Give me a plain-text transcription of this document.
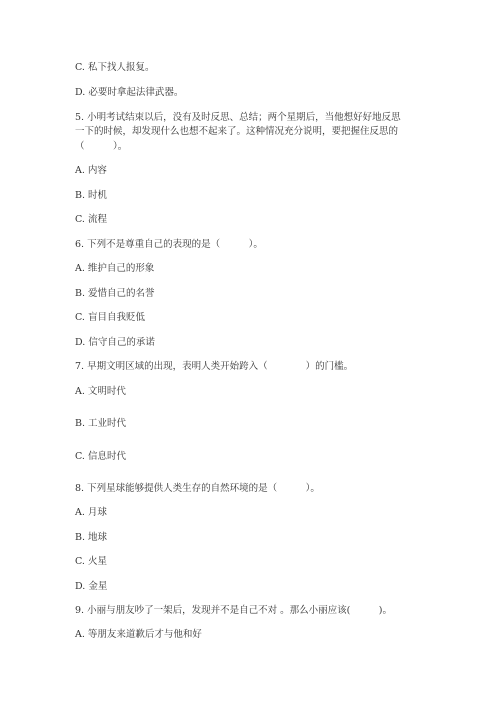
C. 私下找人报复。
D. 必要时拿起法律武器。
5. 小明考试结束以后，没有及时反思、总结；两个星期后，当他想好好地反思
一下的时候，却发现什么也想不起来了。这种情况充分说明，要把握住反思的
（　　　）。
A. 内容
B. 时机
C. 流程
6. 下列不是尊重自己的表现的是（　　　）。
A. 维护自己的形象
B. 爱惜自己的名誉
C. 盲目自我贬低
D. 信守自己的承诺
7. 早期文明区域的出现，表明人类开始跨入（　　　　）的门槛。
A. 文明时代
B. 工业时代
C. 信息时代
8. 下列星球能够提供人类生存的自然环境的是（　　　）。
A. 月球
B. 地球
C. 火星
D. 金星
9. 小丽与朋友吵了一架后，发现并不是自己不对 。那么小丽应该(　　　)。
A. 等朋友来道歉后才与他和好
